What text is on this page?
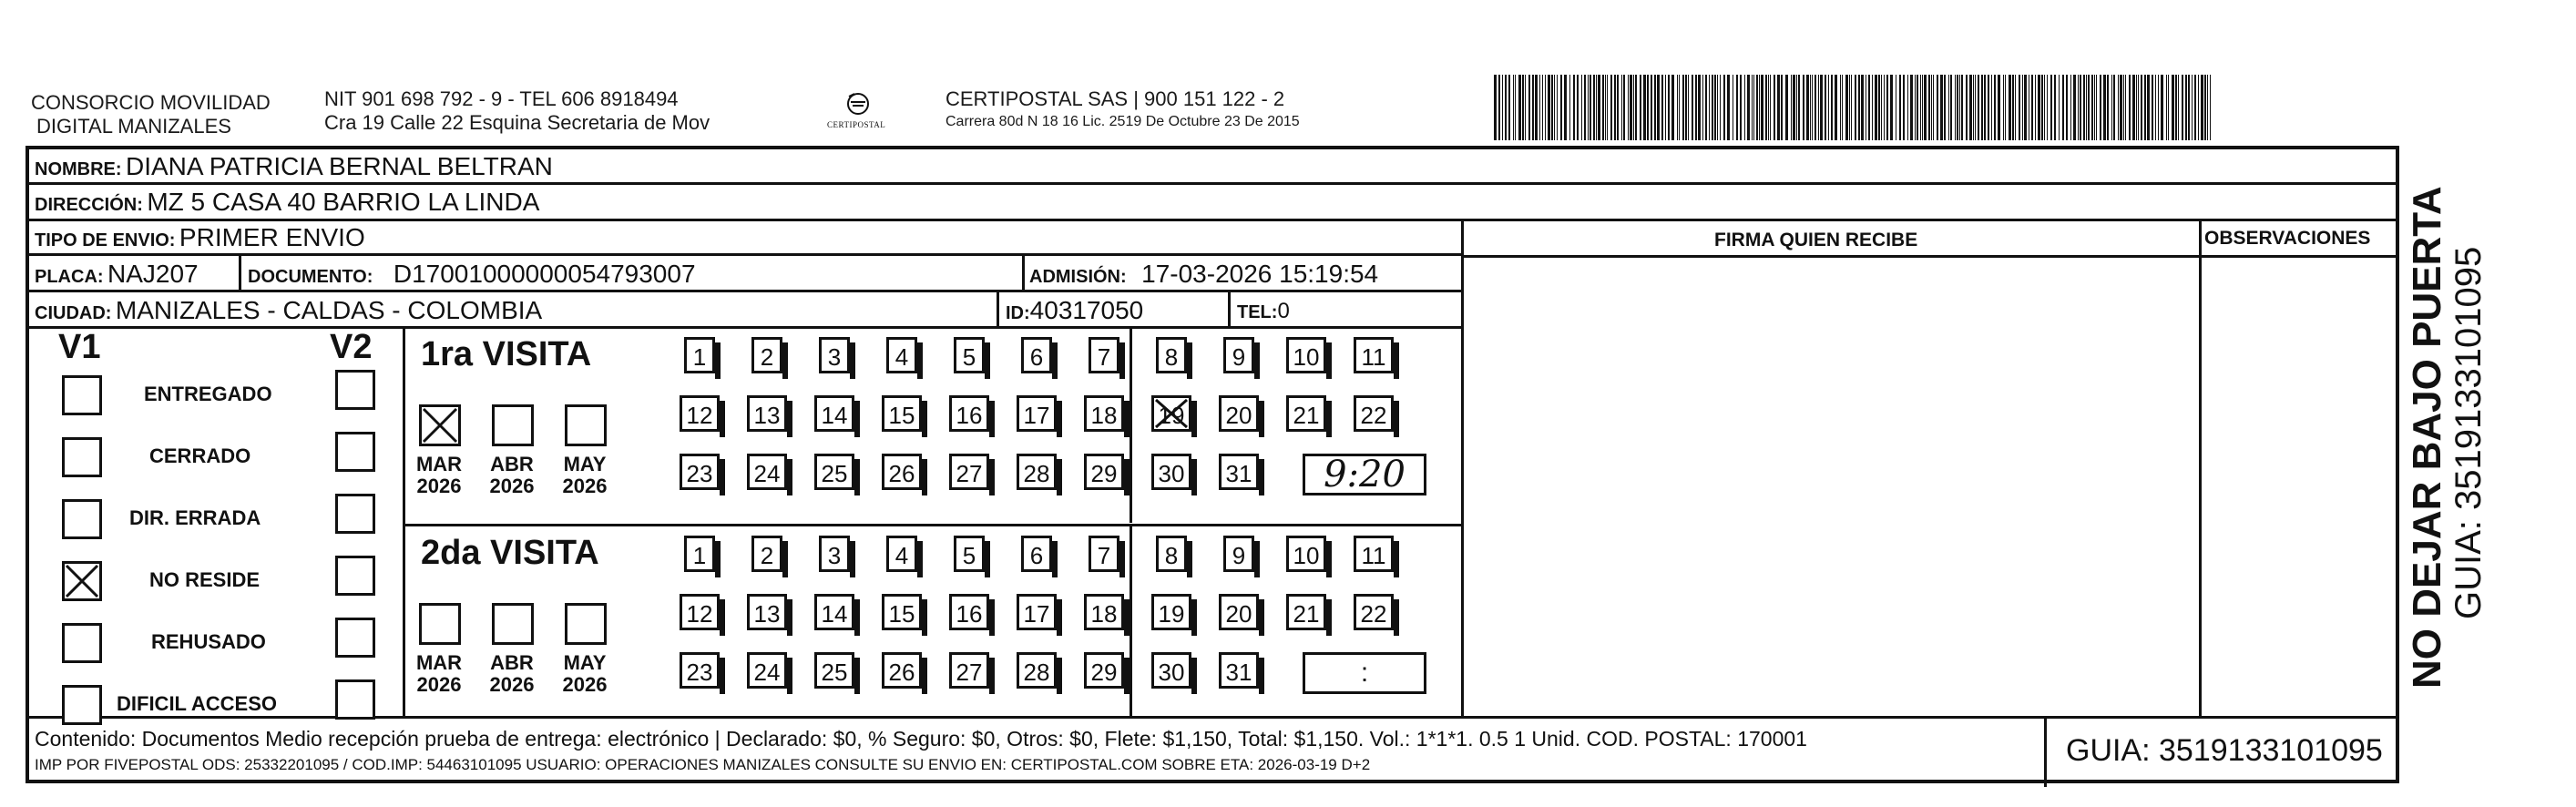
CONSORCIO MOVILIDAD
DIGITAL MANIZALES
NIT 901 698 792 - 9 - TEL 606 8918494
Cra 19 Calle 22 Esquina Secretaria de Mov	CERTIPOSTAL
CERTIPOSTAL SAS | 900 151 122 - 2
Carrera 80d N 18 16 Lic. 2519 De Octubre 23 De 2015
NOMBRE: DIANA PATRICIA BERNAL BELTRAN
DIRECCIÓN: MZ 5 CASA 40 BARRIO LA LINDA
TIPO DE ENVIO: PRIMER ENVIO	FIRMA QUIEN RECIBE	OBSERVACIONES
PLACA: NAJ207	DOCUMENTO: D17001000000054793007	ADMISIÓN: 17-03-2026 15:19:54
CIUDAD: MANIZALES - CALDAS - COLOMBIA	ID:40317050	TEL:0
V1	V2
ENTREGADO
CERRADO
DIR. ERRADA
NO RESIDE
REHUSADO
DIFICIL ACCESO
1ra VISITA
MAR
2026
ABR
2026
MAY
2026
1 2 3 4 5 6 7 8 9 10 11
12 13 14 15 16 17 18 19 20 21 22
23 24 25 26 27 28 29 30 31	9:20
2da VISITA
MAR
2026
ABR
2026
MAY
2026
1 2 3 4 5 6 7 8 9 10 11
12 13 14 15 16 17 18 19 20 21 22
23 24 25 26 27 28 29 30 31	:
Contenido: Documentos Medio recepción prueba de entrega: electrónico | Declarado: $0, % Seguro: $0, Otros: $0, Flete: $1,150, Total: $1,150. Vol.: 1*1*1. 0.5 1 Unid. COD. POSTAL: 170001
IMP POR FIVEPOSTAL ODS: 25332201095 / COD.IMP: 54463101095 USUARIO: OPERACIONES MANIZALES CONSULTE SU ENVIO EN: CERTIPOSTAL.COM SOBRE ETA: 2026-03-19 D+2	GUIA: 3519133101095
NO DEJAR BAJO PUERTA GUIA: 3519133101095
